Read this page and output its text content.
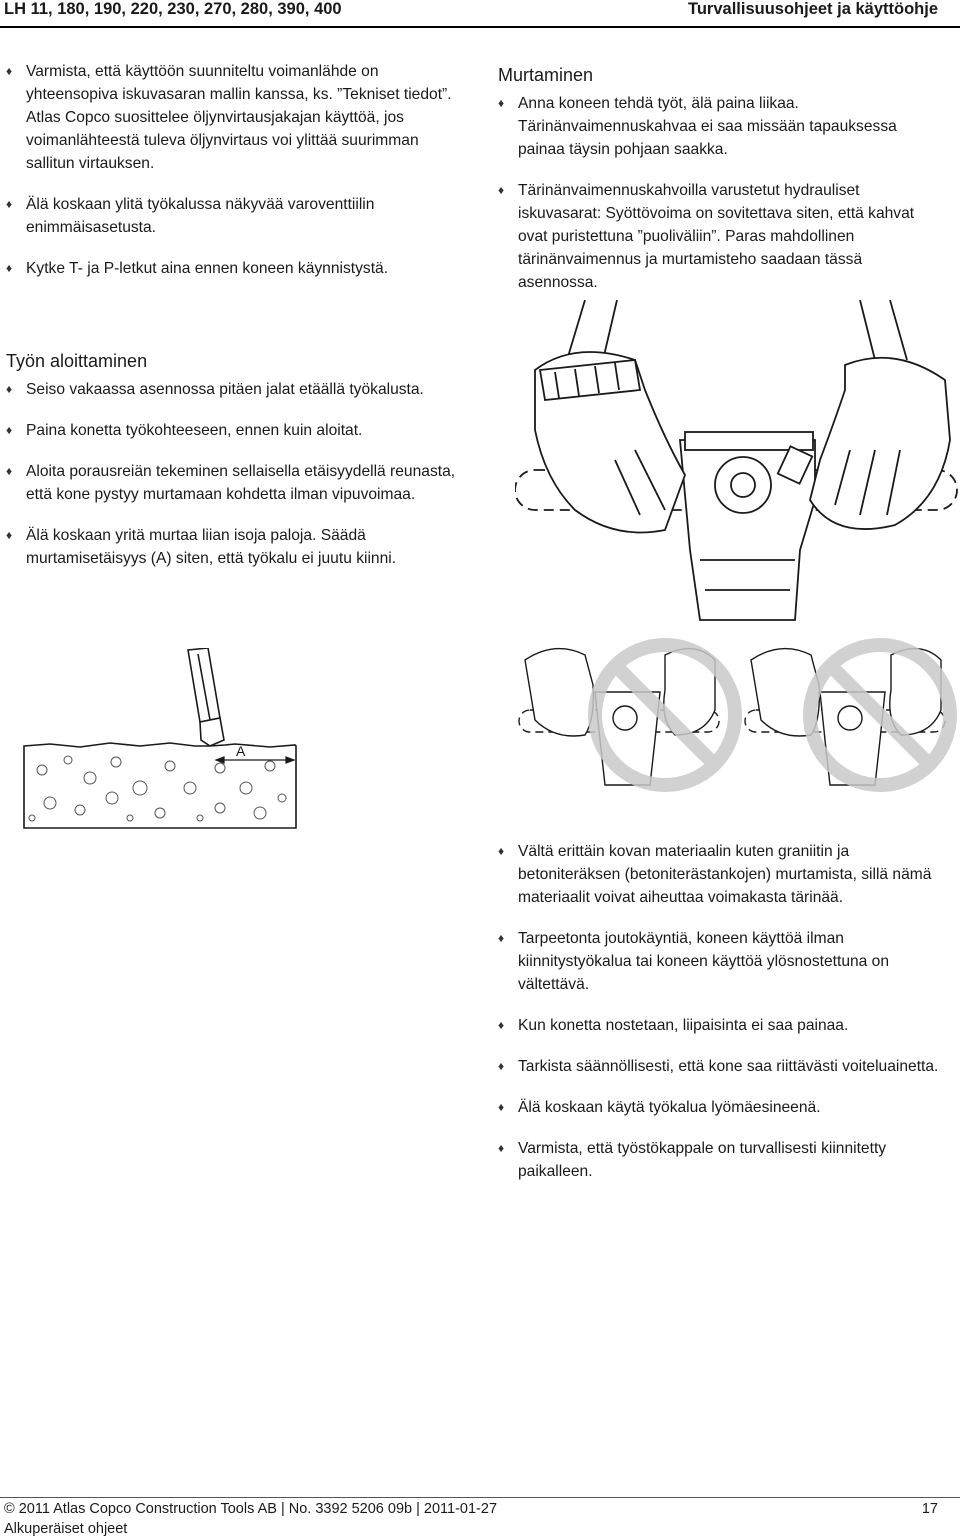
LH 11, 180, 190, 220, 230, 270, 280, 390, 400	Turvallisuusohjeet ja käyttöohje
♦ Varmista, että käyttöön suunniteltu voimanlähde on yhteensopiva iskuvasaran mallin kanssa, ks. ”Tekniset tiedot”. Atlas Copco suosittelee öljynvirtausjakajan käyttöä, jos voimanlähteestä tuleva öljynvirtaus voi ylittää suurimman sallitun virtauksen.
♦ Älä koskaan ylitä työkalussa näkyvää varoventtiilin enimmäisasetusta.
♦ Kytke T- ja P-letkut aina ennen koneen käynnistystä.
Työn aloittaminen
♦ Seiso vakaassa asennossa pitäen jalat etäällä työkalusta.
♦ Paina konetta työkohteeseen, ennen kuin aloitat.
♦ Aloita porausreiän tekeminen sellaisella etäisyydellä reunasta, että kone pystyy murtamaan kohdetta ilman vipuvoimaa.
♦ Älä koskaan yritä murtaa liian isoja paloja. Säädä murtamisetäisyys (A) siten, että työkalu ei juutu kiinni.
A
Murtaminen
♦ Anna koneen tehdä työt, älä paina liikaa. Tärinänvaimennuskahvaa ei saa missään tapauksessa painaa täysin pohjaan saakka.
♦ Tärinänvaimennuskahvoilla varustetut hydrauliset iskuvasarat: Syöttövoima on sovitettava siten, että kahvat ovat puristettuna ”puoliväliin”. Paras mahdollinen tärinänvaimennus ja murtamisteho saadaan tässä asennossa.
♦ Vältä erittäin kovan materiaalin kuten graniitin ja betoniteräksen (betoniterästankojen) murtamista, sillä nämä materiaalit voivat aiheuttaa voimakasta tärinää.
♦ Tarpeetonta joutokäyntiä, koneen käyttöä ilman kiinnitystyökalua tai koneen käyttöä ylösnostettuna on vältettävä.
♦ Kun konetta nostetaan, liipaisinta ei saa painaa.
♦ Tarkista säännöllisesti, että kone saa riittävästi voiteluainetta.
♦ Älä koskaan käytä työkalua lyömäesineenä.
♦ Varmista, että työstökappale on turvallisesti kiinnitetty paikalleen.
© 2011 Atlas Copco Construction Tools AB | No. 3392 5206 09b | 2011-01-27
Alkuperäiset ohjeet
17
